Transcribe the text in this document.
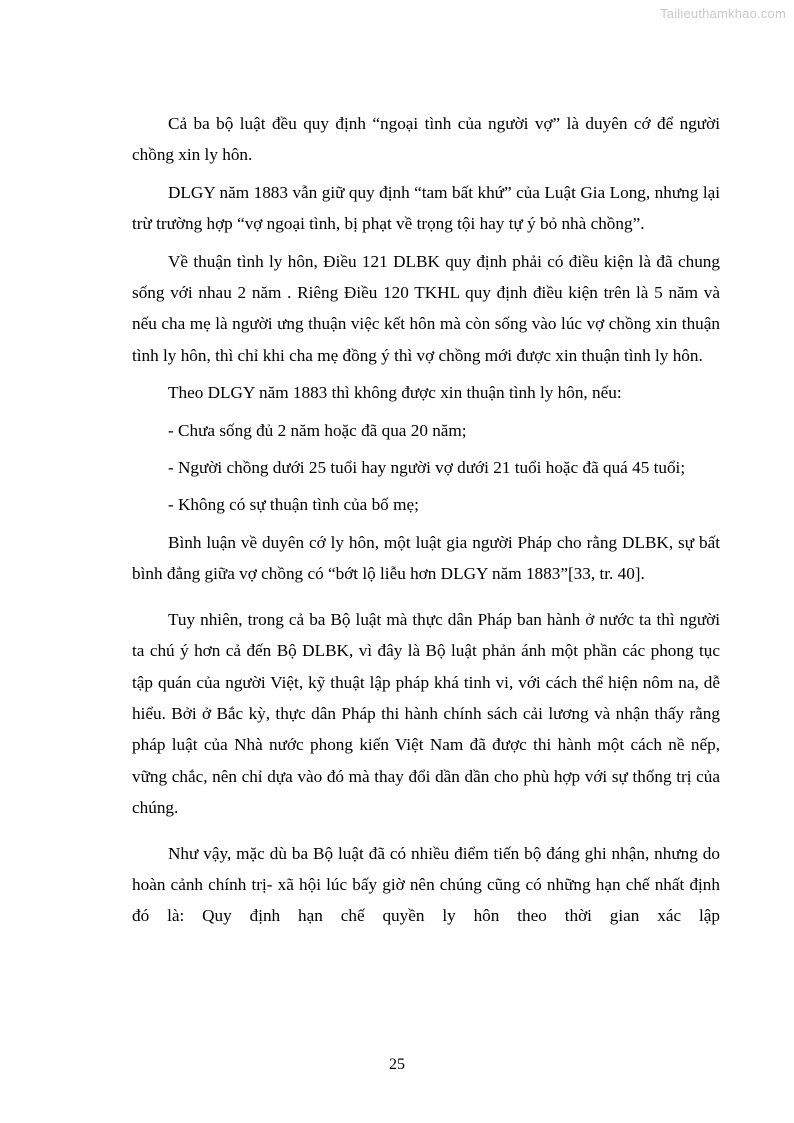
Tailieuthamkhao.com

Cả ba bộ luật đều quy định “ngoại tình của người vợ” là duyên cớ để người chồng xin ly hôn.

DLGY năm 1883 vẫn giữ quy định “tam bất khứ” của Luật Gia Long, nhưng lại trừ trường hợp “vợ ngoại tình, bị phạt về trọng tội hay tự ý bỏ nhà chồng”.

Về thuận tình ly hôn, Điều 121 DLBK quy định phải có điều kiện là đã chung sống với nhau 2 năm . Riêng Điều 120 TKHL quy định điều kiện trên là 5 năm và nếu cha mẹ là người ưng thuận việc kết hôn mà còn sống vào lúc vợ chồng xin thuận tình ly hôn, thì chỉ khi cha mẹ đồng ý thì vợ chồng mới được xin thuận tình ly hôn.

Theo DLGY năm 1883 thì không được xin thuận tình ly hôn, nếu:

- Chưa sống đủ 2 năm hoặc đã qua 20 năm;

- Người chồng dưới 25 tuổi hay người vợ dưới 21 tuổi hoặc đã quá 45 tuổi;

- Không có sự thuận tình của bố mẹ;

Bình luận về duyên cớ ly hôn, một luật gia người Pháp cho rằng DLBK, sự bất bình đẳng giữa vợ chồng có “bớt lộ liễu hơn DLGY năm 1883”[33, tr. 40].

Tuy nhiên, trong cả ba Bộ luật mà thực dân Pháp ban hành ở nước ta thì người ta chú ý hơn cả đến Bộ DLBK, vì đây là Bộ luật phản ánh một phần các phong tục tập quán của người Việt, kỹ thuật lập pháp khá tinh vi, với cách thể hiện nôm na, dễ hiểu. Bởi ở Bắc kỳ, thực dân Pháp thi hành chính sách cải lương và nhận thấy rằng pháp luật của Nhà nước phong kiến Việt Nam đã được thi hành một cách nề nếp, vững chắc, nên chỉ dựa vào đó mà thay đổi dần dần cho phù hợp với sự thống trị của chúng.

Như vậy, mặc dù ba Bộ luật đã có nhiều điểm tiến bộ đáng ghi nhận, nhưng do hoàn cảnh chính trị- xã hội lúc bấy giờ nên chúng cũng có những hạn chế nhất định đó là: Quy định hạn chế quyền ly hôn theo thời gian xác lập

25
